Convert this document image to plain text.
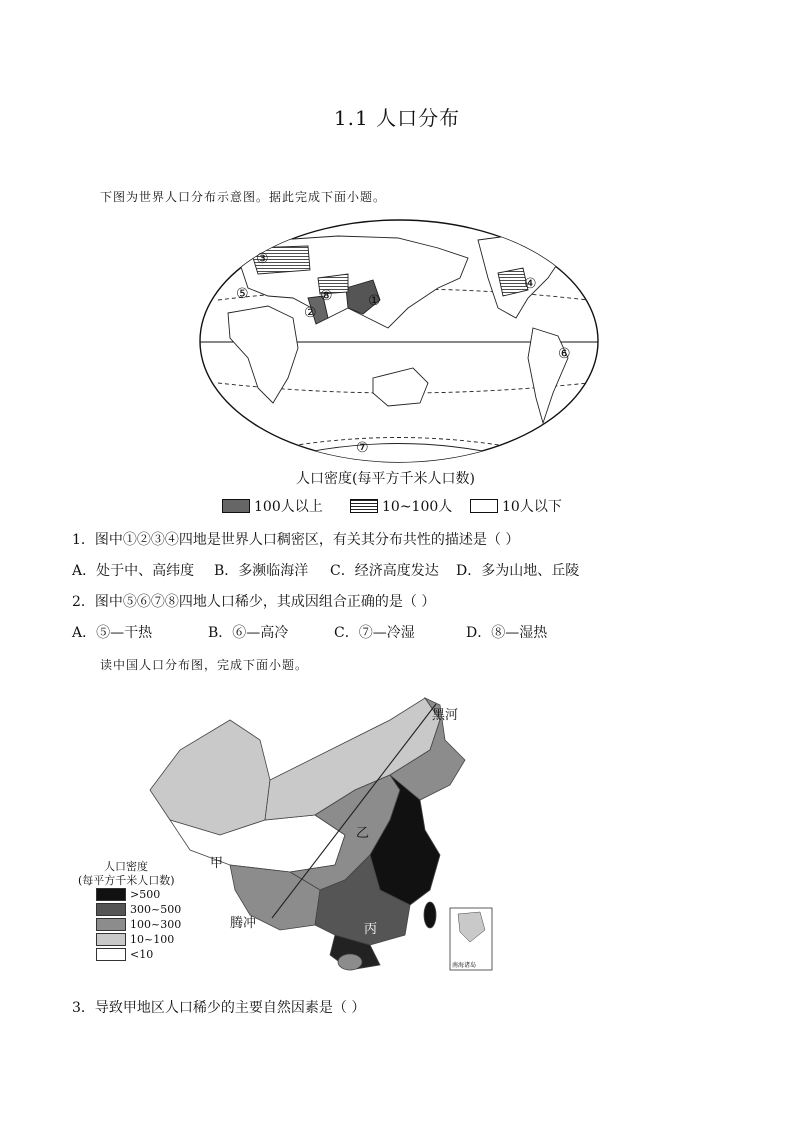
1.1 人口分布
下图为世界人口分布示意图。据此完成下面小题。
③
④
⑤	⑧	①
②
⑥
⑦
人口密度(每平方千米人口数)
100人以上	10~100人	10人以下
1．图中①②③④四地是世界人口稠密区，有关其分布共性的描述是（ ）
A．处于中、高纬度 B．多濒临海洋 C．经济高度发达 D．多为山地、丘陵
2．图中⑤⑥⑦⑧四地人口稀少，其成因组合正确的是（ ）
A．⑤—干热	B．⑥—高冷	C．⑦—冷湿	D．⑧—湿热
读中国人口分布图，完成下面小题。
南海诸岛
黑河
乙
甲
腾冲	丙
人口密度
(每平方千米人口数)
>500
300~500
100~300
10~100
<10
3．导致甲地区人口稀少的主要自然因素是（ ）
